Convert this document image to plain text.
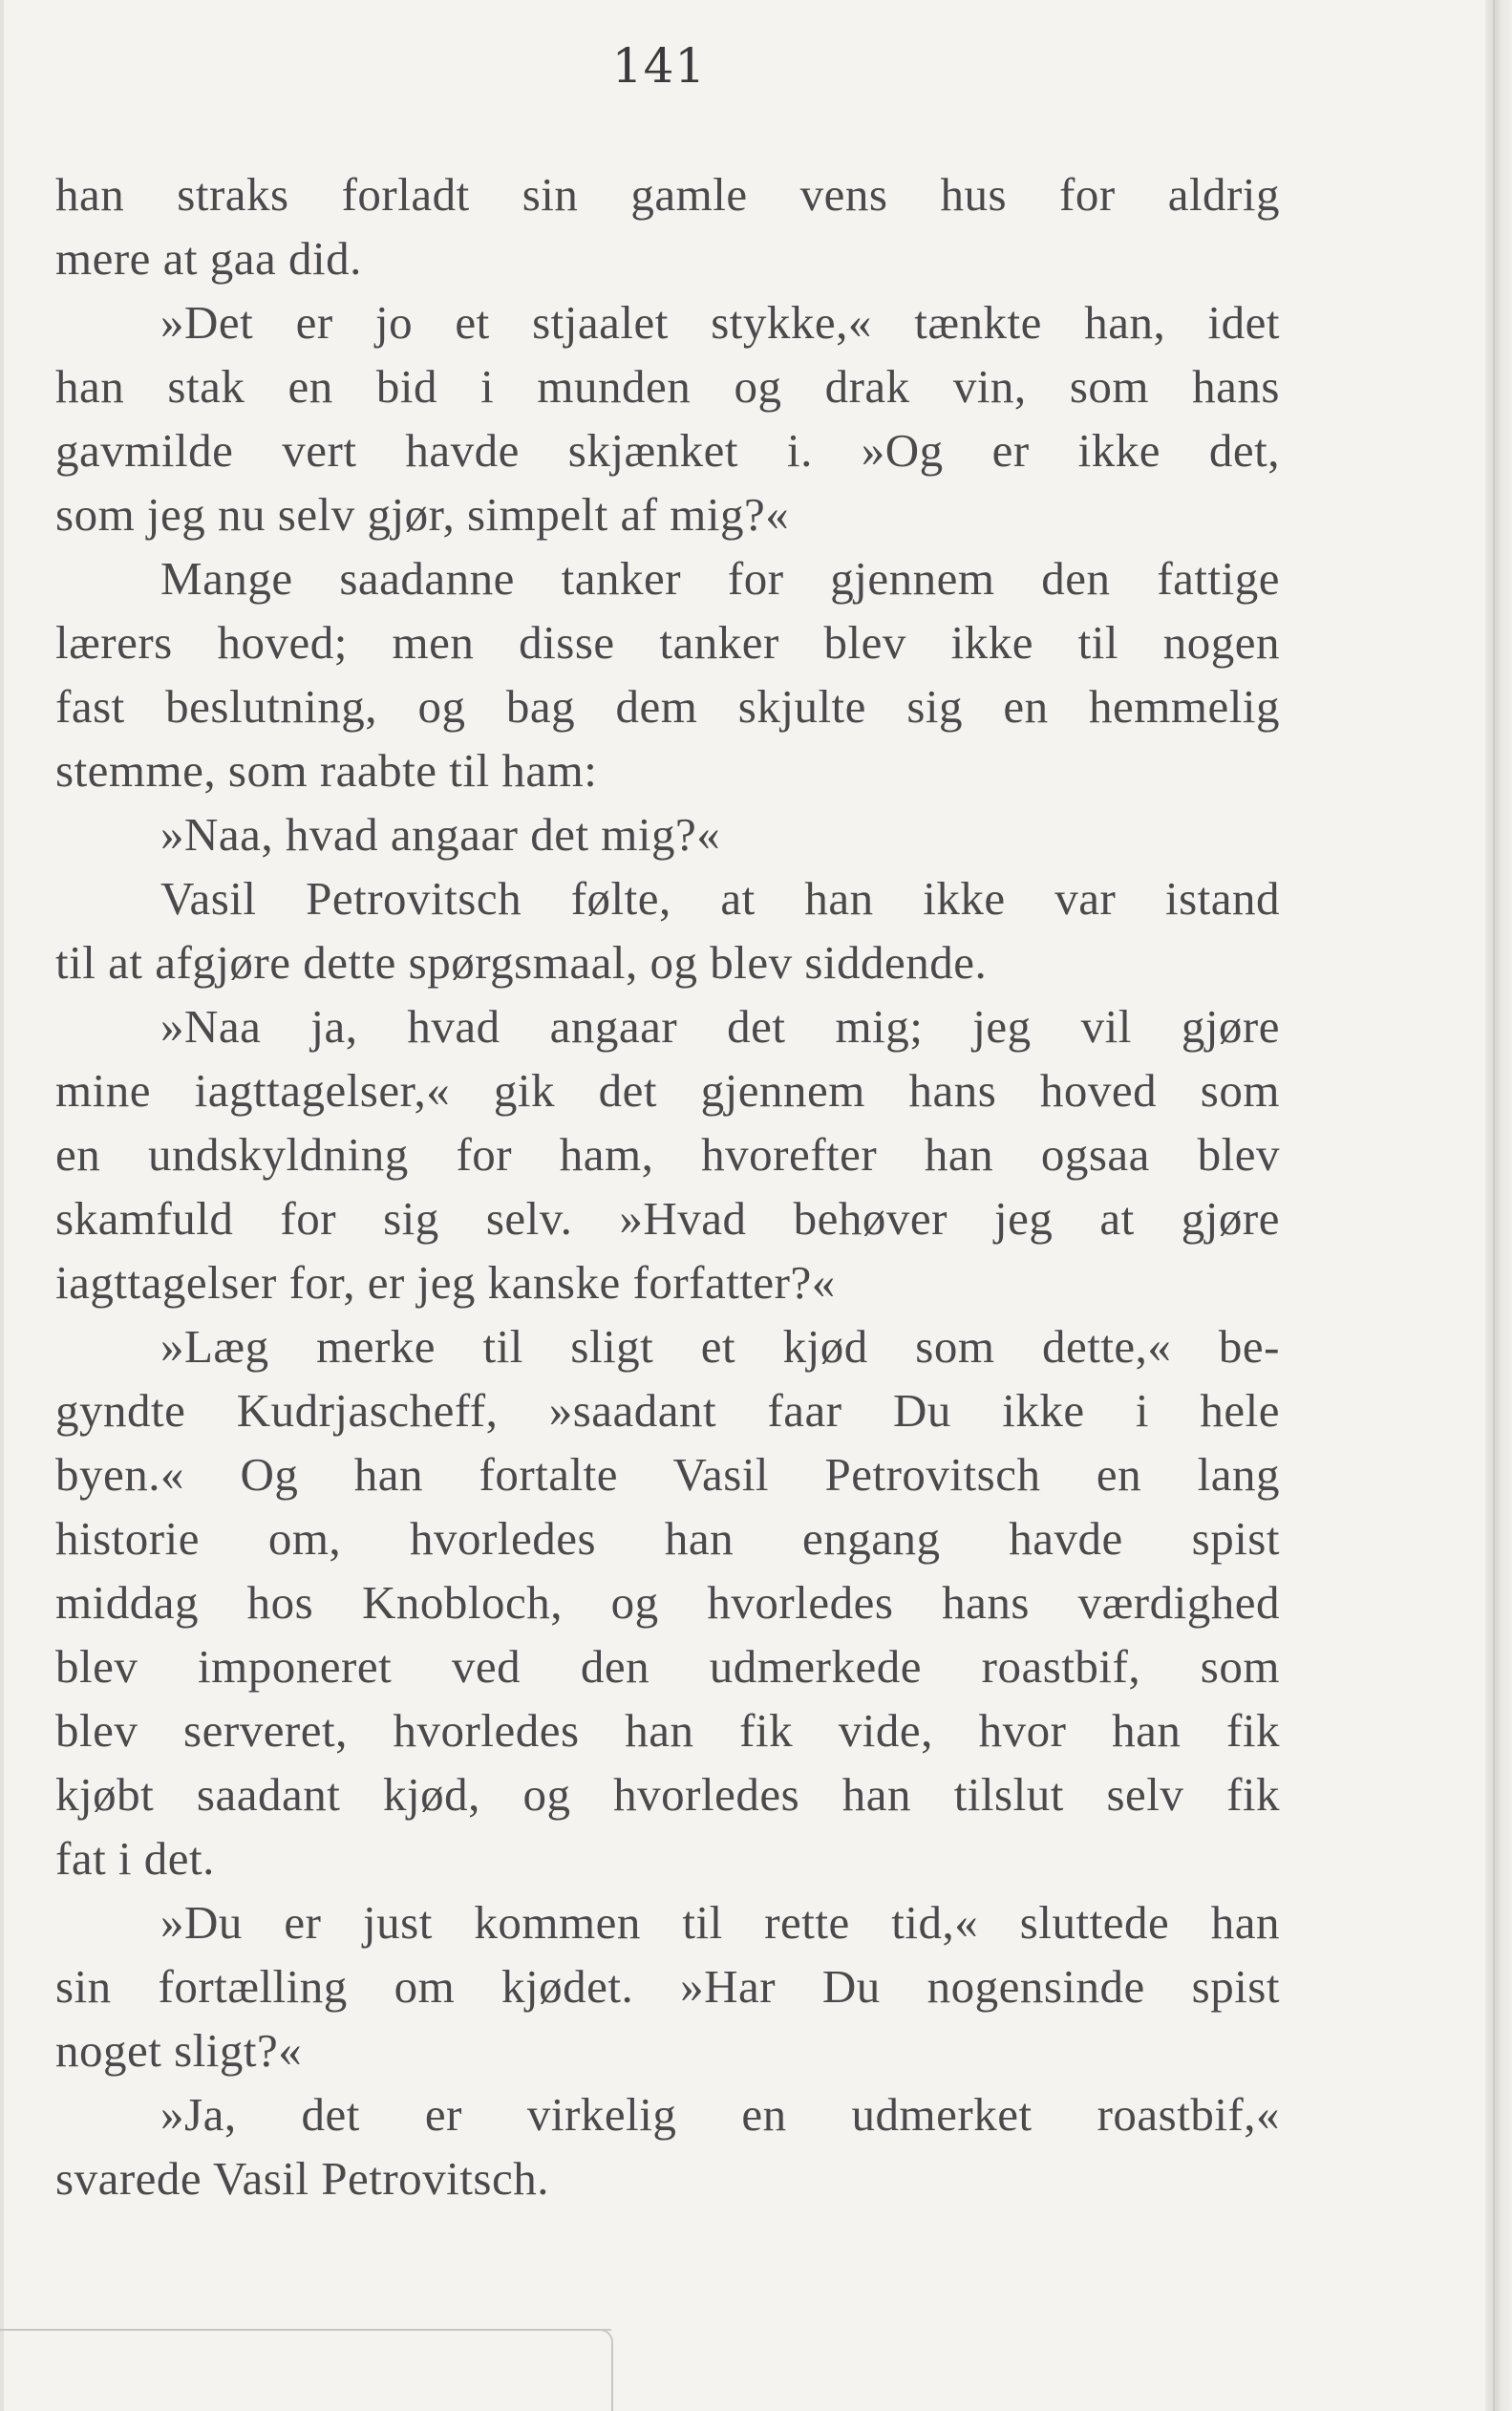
141
han straks forladt sin gamle vens hus for aldrig
mere at gaa did.
»Det er jo et stjaalet stykke,« tænkte han, idet
han stak en bid i munden og drak vin, som hans
gavmilde vert havde skjænket i. »Og er ikke det,
som jeg nu selv gjør, simpelt af mig?«
Mange saadanne tanker for gjennem den fattige
lærers hoved; men disse tanker blev ikke til nogen
fast beslutning, og bag dem skjulte sig en hemmelig
stemme, som raabte til ham:
»Naa, hvad angaar det mig?«
Vasil Petrovitsch følte, at han ikke var istand
til at afgjøre dette spørgsmaal, og blev siddende.
»Naa ja, hvad angaar det mig; jeg vil gjøre
mine iagttagelser,« gik det gjennem hans hoved som
en undskyldning for ham, hvorefter han ogsaa blev
skamfuld for sig selv. »Hvad behøver jeg at gjøre
iagttagelser for, er jeg kanske forfatter?«
»Læg merke til sligt et kjød som dette,« be-
gyndte Kudrjascheff, »saadant faar Du ikke i hele
byen.« Og han fortalte Vasil Petrovitsch en lang
historie om, hvorledes han engang havde spist
middag hos Knobloch, og hvorledes hans værdighed
blev imponeret ved den udmerkede roastbif, som
blev serveret, hvorledes han fik vide, hvor han fik
kjøbt saadant kjød, og hvorledes han tilslut selv fik
fat i det.
»Du er just kommen til rette tid,« sluttede han
sin fortælling om kjødet. »Har Du nogensinde spist
noget sligt?«
»Ja, det er virkelig en udmerket roastbif,«
svarede Vasil Petrovitsch.
